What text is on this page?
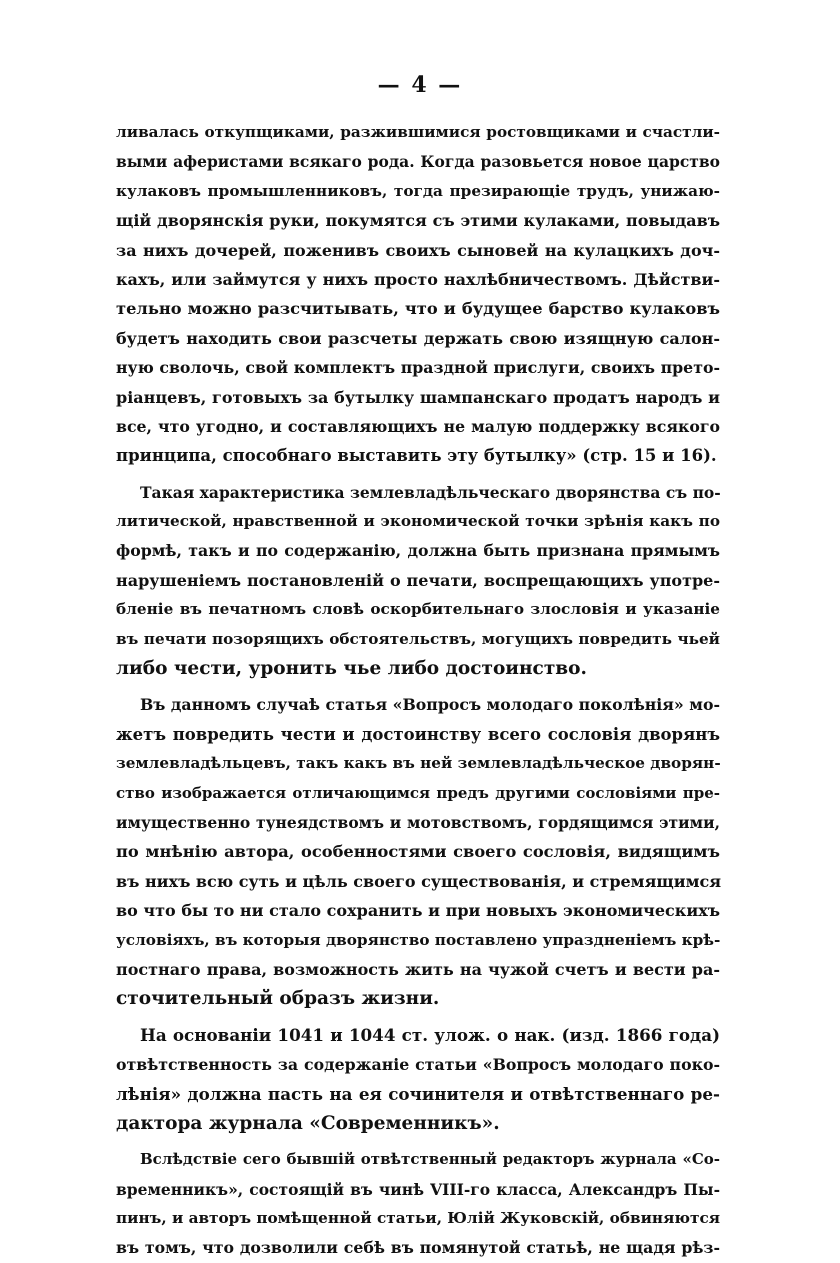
— 4 —
ливалась откупщиками, разжившимися ростовщиками и счастли-
выми аферистами всякаго рода. Когда разовьется новое царство
кулаковъ промышленниковъ, тогда презирающiе трудъ, унижаю-
щiй дворянскiя руки, покумятся съ этими кулаками, повыдавъ
за нихъ дочерей, поженивъ своихъ сыновей на кулацкихъ доч-
кахъ, или займутся у нихъ просто нахлѣбничествомъ. Дѣйстви-
тельно можно разсчитывать, что и будущее барство кулаковъ
будетъ находить свои разсчеты держать свою изящную салон-
ную сволочь, свой комплектъ праздной прислуги, своихъ прето-
рiанцевъ, готовыхъ за бутылку шампанскаго продатъ народъ и
все, что угодно, и составляющихъ не малую поддержку всякого
принципа, способнаго выставить эту бутылку» (стр. 15 и 16).
Такая характеристика землевладѣльческаго дворянства съ по-
литической, нравственной и экономической точки зрѣнiя какъ по
формѣ, такъ и по содержанiю, должна быть признана прямымъ
нарушенiемъ постановленiй о печати, воспрещающихъ употре-
бленiе въ печатномъ словѣ оскорбительнаго злословiя и указанiе
въ печати позорящихъ обстоятельствъ, могущихъ повредить чьей
либо чести, уронить чье либо достоинство.
Въ данномъ случаѣ статья «Вопросъ молодаго поколѣнiя» мо-
жетъ повредить чести и достоинству всего сословiя дворянъ
землевладѣльцевъ, такъ какъ въ ней землевладѣльческое дворян-
ство изображается отличающимся предъ другими сословiями пре-
имущественно тунеядствомъ и мотовствомъ, гордящимся этими,
по мнѣнiю автора, особенностями своего сословiя, видящимъ
въ нихъ всю суть и цѣль своего существованiя, и стремящимся
во что бы то ни стало сохранить и при новыхъ экономическихъ
условiяхъ, въ которыя дворянство поставлено упраздненiемъ крѣ-
постнаго права, возможность жить на чужой счетъ и вести ра-
сточительный образъ жизни.
На основанiи 1041 и 1044 ст. улож. о нак. (изд. 1866 года)
отвѣтственность за содержанiе статьи «Вопросъ молодаго поко-
лѣнiя» должна пасть на ея сочинителя и отвѣтственнаго ре-
дактора журнала «Современникъ».
Вслѣдствiе сего бывшiй отвѣтственный редакторъ журнала «Со-
временникъ», состоящiй въ чинѣ VIII-го класса, Александръ Пы-
пинъ, и авторъ помѣщенной статьи, Юлiй Жуковскiй, обвиняются
въ томъ, что дозволили себѣ въ помянутой статьѣ, не щадя рѣз-
